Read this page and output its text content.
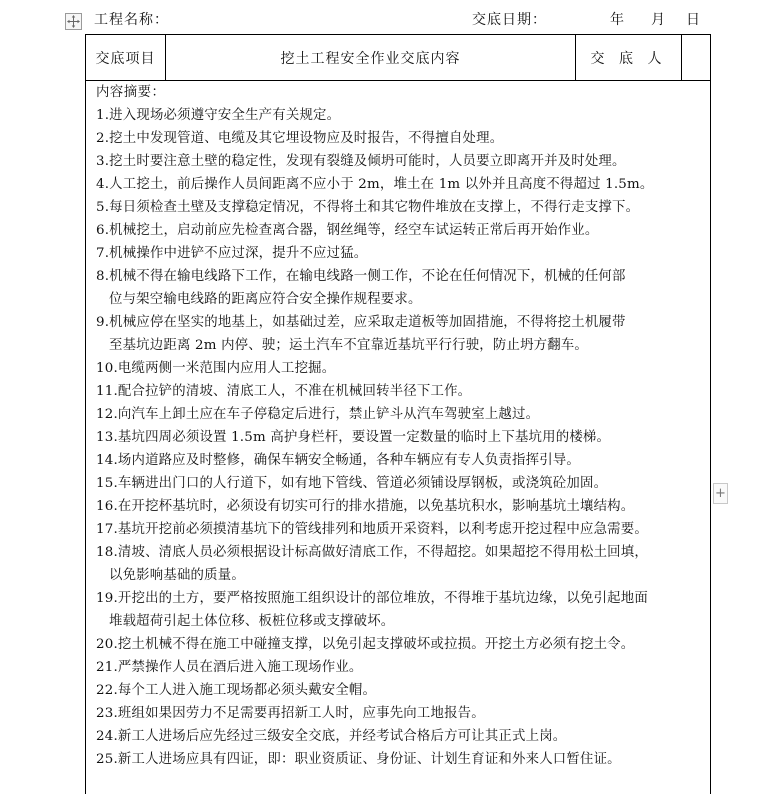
工程名称：	交底日期：	年 月 日
交底项目	挖土工程安全作业交底内容	交 底 人
内容摘要：
1.进入现场必须遵守安全生产有关规定。
2.挖土中发现管道、电缆及其它埋设物应及时报告，不得擅自处理。
3.挖土时要注意土壁的稳定性，发现有裂缝及倾坍可能时，人员要立即离开并及时处理。
4.人工挖土，前后操作人员间距离不应小于 2m，堆土在 1m 以外并且高度不得超过 1.5m。
5.每日须检查土壁及支撑稳定情况，不得将土和其它物件堆放在支撑上，不得行走支撑下。
6.机械挖土，启动前应先检查离合器，钢丝绳等，经空车试运转正常后再开始作业。
7.机械操作中进铲不应过深，提升不应过猛。
8.机械不得在输电线路下工作，在输电线路一侧工作，不论在任何情况下，机械的任何部
位与架空输电线路的距离应符合安全操作规程要求。
9.机械应停在坚实的地基上，如基础过差，应采取走道板等加固措施，不得将挖土机履带
至基坑边距离 2m 内停、驶；运土汽车不宜靠近基坑平行行驶，防止坍方翻车。
10.电缆两侧一米范围内应用人工挖掘。
11.配合拉铲的清坡、清底工人，不准在机械回转半径下工作。
12.向汽车上卸土应在车子停稳定后进行，禁止铲斗从汽车驾驶室上越过。
13.基坑四周必须设置 1.5m 高护身栏杆，要设置一定数量的临时上下基坑用的楼梯。
14.场内道路应及时整修，确保车辆安全畅通，各种车辆应有专人负责指挥引导。
15.车辆进出门口的人行道下，如有地下管线、管道必须铺设厚钢板，或浇筑砼加固。
16.在开挖杯基坑时，必须设有切实可行的排水措施，以免基坑积水，影响基坑土壤结构。
17.基坑开挖前必须摸清基坑下的管线排列和地质开采资料，以利考虑开挖过程中应急需要。
18.清坡、清底人员必须根据设计标高做好清底工作，不得超挖。如果超挖不得用松土回填，
以免影响基础的质量。
19.开挖出的土方，要严格按照施工组织设计的部位堆放，不得堆于基坑边缘，以免引起地面
堆载超荷引起土体位移、板桩位移或支撑破坏。
20.挖土机械不得在施工中碰撞支撑，以免引起支撑破坏或拉损。开挖土方必须有挖土令。
21.严禁操作人员在酒后进入施工现场作业。
22.每个工人进入施工现场都必须头戴安全帽。
23.班组如果因劳力不足需要再招新工人时，应事先向工地报告。
24.新工人进场后应先经过三级安全交底，并经考试合格后方可让其正式上岗。
25.新工人进场应具有四证，即：职业资质证、身份证、计划生育证和外来人口暂住证。
+
